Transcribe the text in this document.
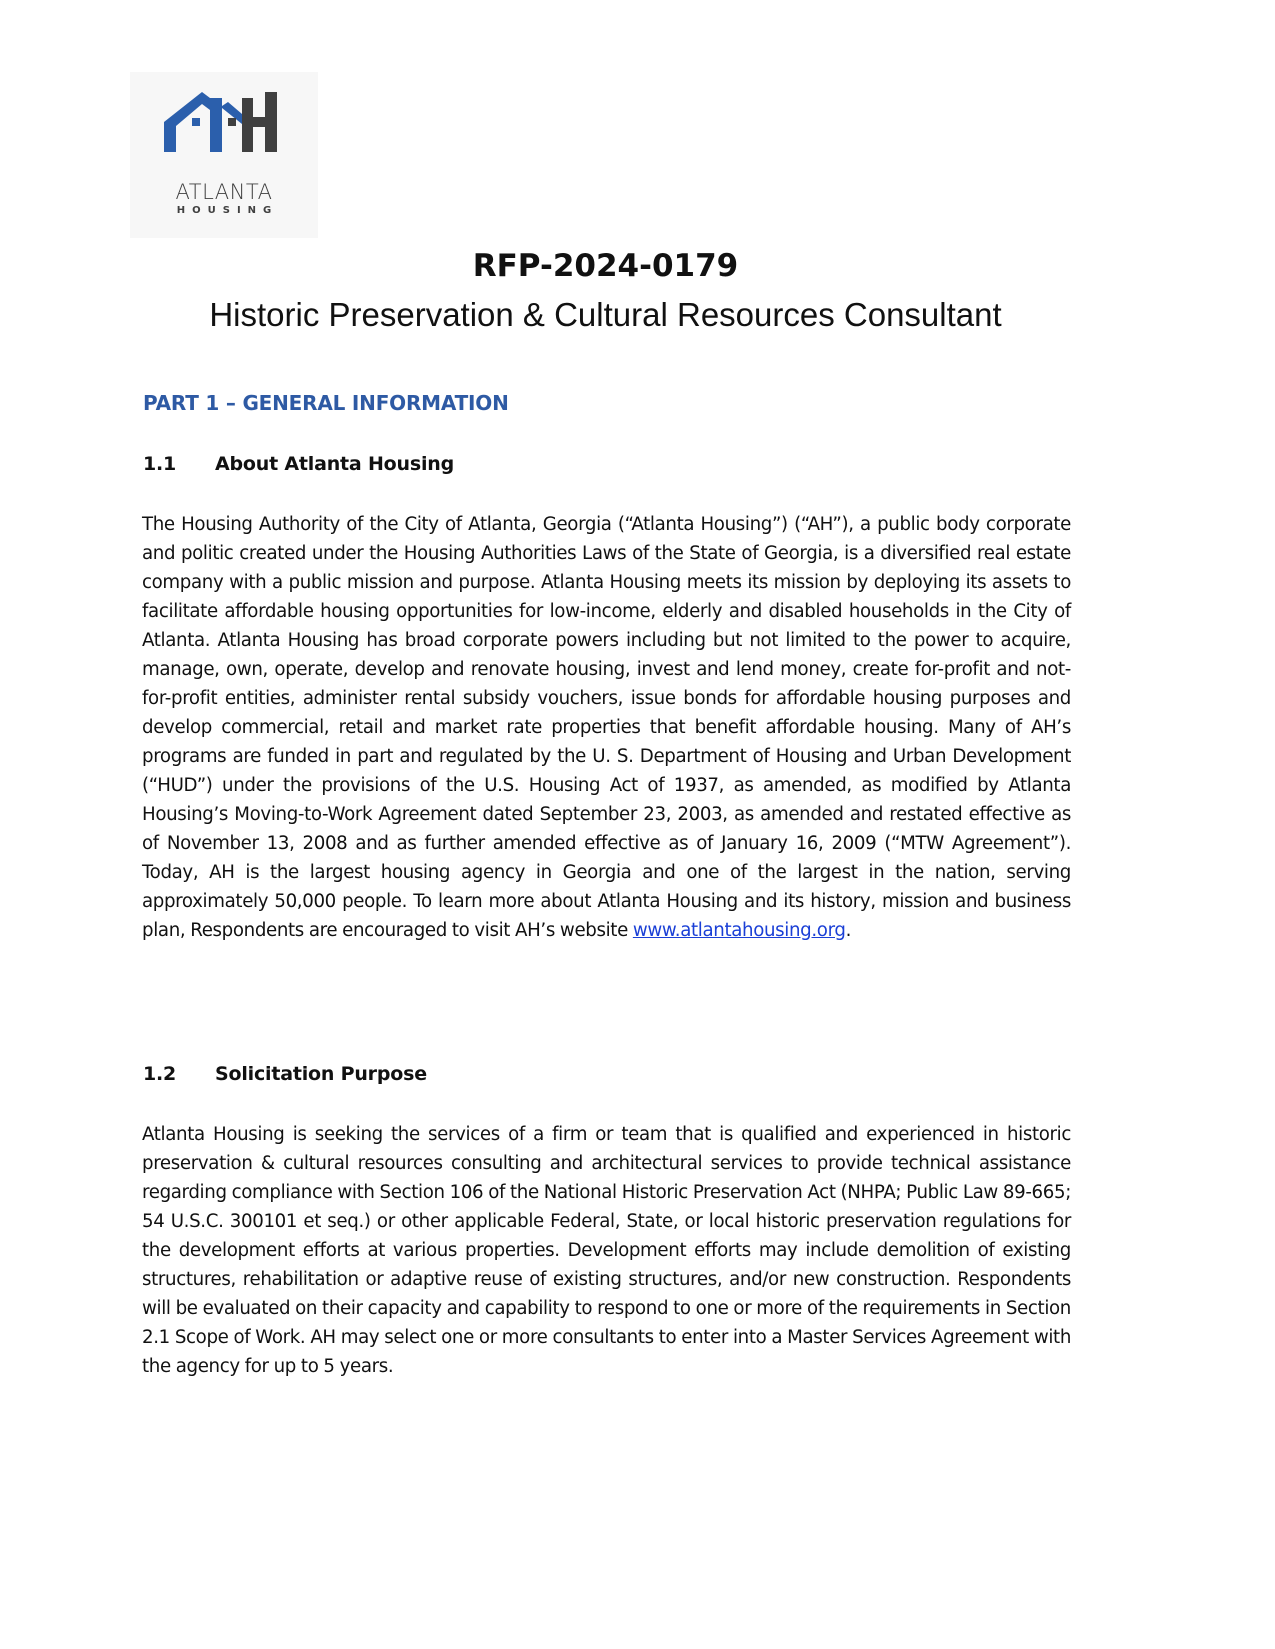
ATLANTA
HOUSING
RFP-2024-0179
Historic Preservation & Cultural Resources Consultant
PART 1 – GENERAL INFORMATION
1.1	About Atlanta Housing

The Housing Authority of the City of Atlanta, Georgia (“Atlanta Housing”) (“AH”), a public body corporate and politic created under the Housing Authorities Laws of the State of Georgia, is a diversified real estate company with a public mission and purpose. Atlanta Housing meets its mission by deploying its assets to facilitate affordable housing opportunities for low-income, elderly and disabled households in the City of Atlanta. Atlanta Housing has broad corporate powers including but not limited to the power to acquire, manage, own, operate, develop and renovate housing, invest and lend money, create for-profit and not-for-profit entities, administer rental subsidy vouchers, issue bonds for affordable housing purposes and develop commercial, retail and market rate properties that benefit affordable housing. Many of AH’s programs are funded in part and regulated by the U. S. Department of Housing and Urban Development (“HUD”) under the provisions of the U.S. Housing Act of 1937, as amended, as modified by Atlanta Housing’s Moving-to-Work Agreement dated September 23, 2003, as amended and restated effective as of November 13, 2008 and as further amended effective as of January 16, 2009 (“MTW Agreement”). Today, AH is the largest housing agency in Georgia and one of the largest in the nation, serving approximately 50,000 people. To learn more about Atlanta Housing and its history, mission and business plan, Respondents are encouraged to visit AH’s website www.atlantahousing.org.

1.2	Solicitation Purpose

Atlanta Housing is seeking the services of a firm or team that is qualified and experienced in historic preservation & cultural resources consulting and architectural services to provide technical assistance regarding compliance with Section 106 of the National Historic Preservation Act (NHPA; Public Law 89-665; 54 U.S.C. 300101 et seq.) or other applicable Federal, State, or local historic preservation regulations for the development efforts at various properties. Development efforts may include demolition of existing structures, rehabilitation or adaptive reuse of existing structures, and/or new construction. Respondents will be evaluated on their capacity and capability to respond to one or more of the requirements in Section 2.1 Scope of Work. AH may select one or more consultants to enter into a Master Services Agreement with the agency for up to 5 years.
